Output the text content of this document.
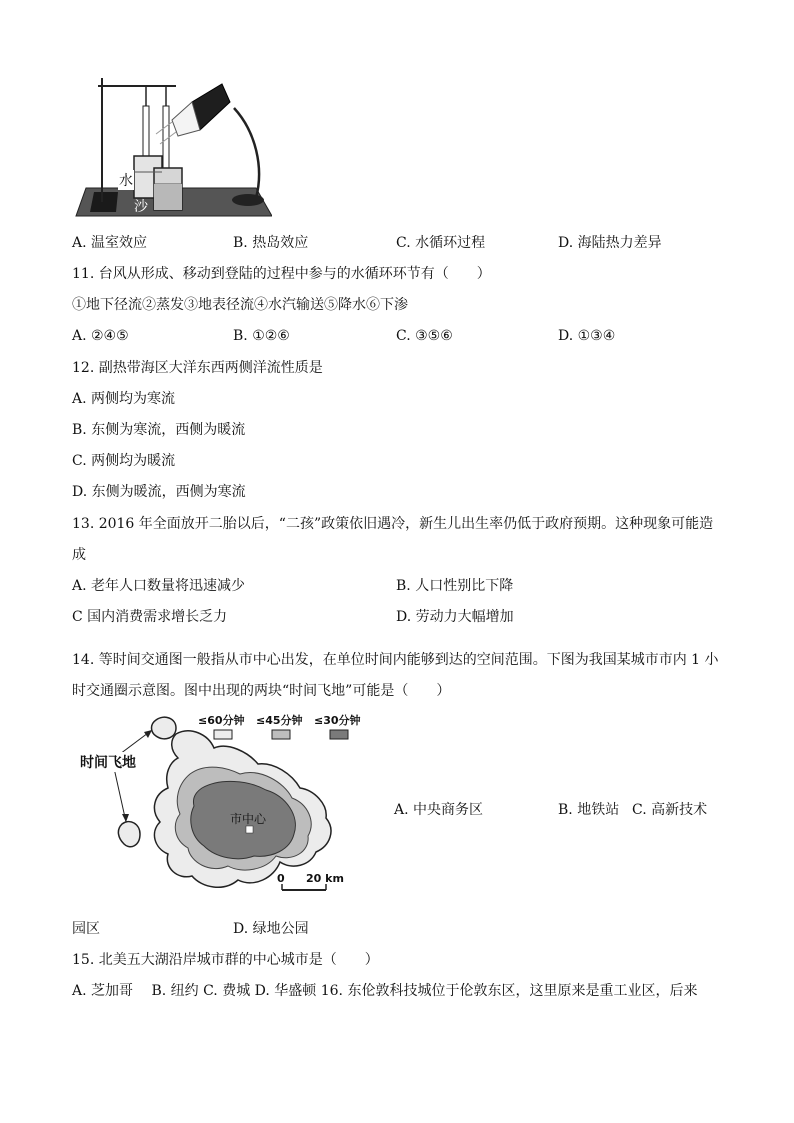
水
沙
A. 温室效应	B. 热岛效应	C. 水循环过程	D. 海陆热力差异
11. 台风从形成、移动到登陆的过程中参与的水循环环节有（　　）
①地下径流②蒸发③地表径流④水汽输送⑤降水⑥下渗
A. ②④⑤	B. ①②⑥	C. ③⑤⑥	D. ①③④
12. 副热带海区大洋东西两侧洋流性质是
A. 两侧均为寒流
B. 东侧为寒流，西侧为暖流
C. 两侧均为暖流
D. 东侧为暖流，西侧为寒流
13. 2016 年全面放开二胎以后，“二孩”政策依旧遇冷，新生儿出生率仍低于政府预期。这种现象可能造
成
A. 老年人口数量将迅速减少	B. 人口性别比下降
C 国内消费需求增长乏力	D. 劳动力大幅增加
14. 等时间交通图一般指从市中心出发，在单位时间内能够到达的空间范围。下图为我国某城市市内 1 小
时交通圈示意图。图中出现的两块“时间飞地”可能是（　　）
≤60分钟 ≤45分钟 ≤30分钟
时间飞地
市中心
0 20 km
A. 中央商务区	B. 地铁站 C. 高新技术
园区	D. 绿地公园
15. 北美五大湖沿岸城市群的中心城市是（　　）
A. 芝加哥　 B. 纽约 C. 费城 D. 华盛顿 16. 东伦敦科技城位于伦敦东区，这里原来是重工业区，后来
